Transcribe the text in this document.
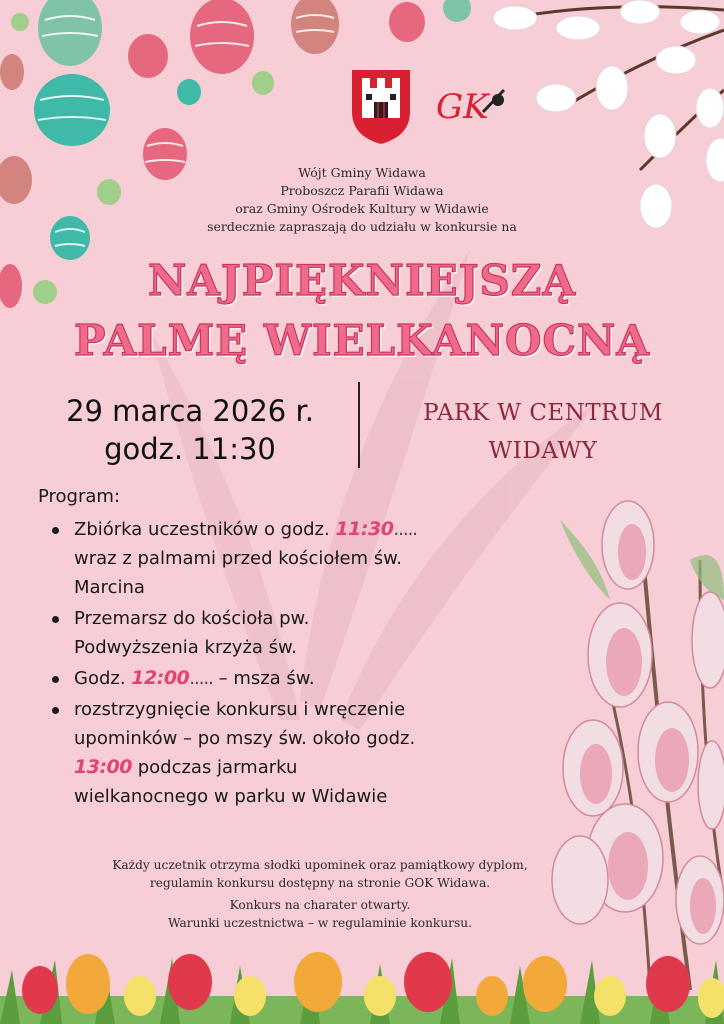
GK
Wójt Gminy Widawa
Proboszcz Parafii Widawa
oraz Gminy Ośrodek Kultury w Widawie
serdecznie zapraszają do udziału w konkursie na
NAJPIĘKNIEJSZĄ
PALMĘ WIELKANOCNĄ
29 marca 2026 r.
godz. 11:30
PARK W CENTRUM
WIDAWY
Program:
Zbiórka uczestników o godz. 11:30.....
wraz z palmami przed kościołem św.
Marcina
Przemarsz do kościoła pw.
Podwyższenia krzyża św.
Godz. 12:00..... – msza św.
rozstrzygnięcie konkursu i wręczenie
upominków – po mszy św. około godz.
13:00 podczas jarmarku
wielkanocnego w parku w Widawie
Każdy uczetnik otrzyma słodki upominek oraz pamiątkowy dyplom,
regulamin konkursu dostępny na stronie GOK Widawa.
Konkurs na charater otwarty.
Warunki uczestnictwa – w regulaminie konkursu.
